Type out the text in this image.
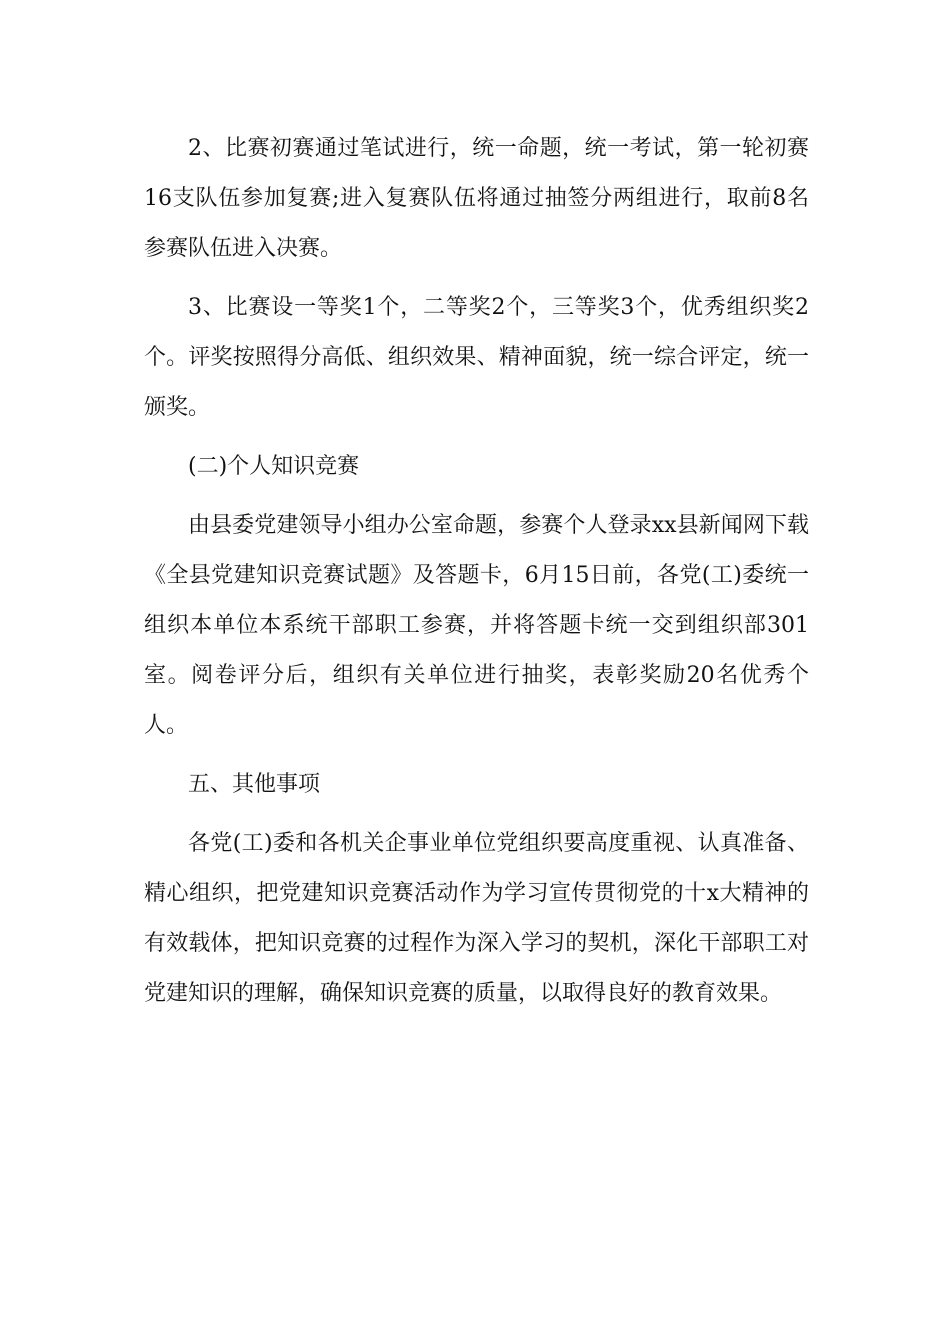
2、比赛初赛通过笔试进行，统一命题，统一考试，第一轮初赛16支队伍参加复赛;进入复赛队伍将通过抽签分两组进行，取前8名参赛队伍进入决赛。

3、比赛设一等奖1个，二等奖2个，三等奖3个，优秀组织奖2个。评奖按照得分高低、组织效果、精神面貌，统一综合评定，统一颁奖。

(二)个人知识竞赛

由县委党建领导小组办公室命题，参赛个人登录xx县新闻网下载《全县党建知识竞赛试题》及答题卡，6月15日前，各党(工)委统一组织本单位本系统干部职工参赛，并将答题卡统一交到组织部301室。阅卷评分后，组织有关单位进行抽奖，表彰奖励20名优秀个人。

五、其他事项

各党(工)委和各机关企事业单位党组织要高度重视、认真准备、精心组织，把党建知识竞赛活动作为学习宣传贯彻党的十x大精神的有效载体，把知识竞赛的过程作为深入学习的契机，深化干部职工对党建知识的理解，确保知识竞赛的质量，以取得良好的教育效果。
